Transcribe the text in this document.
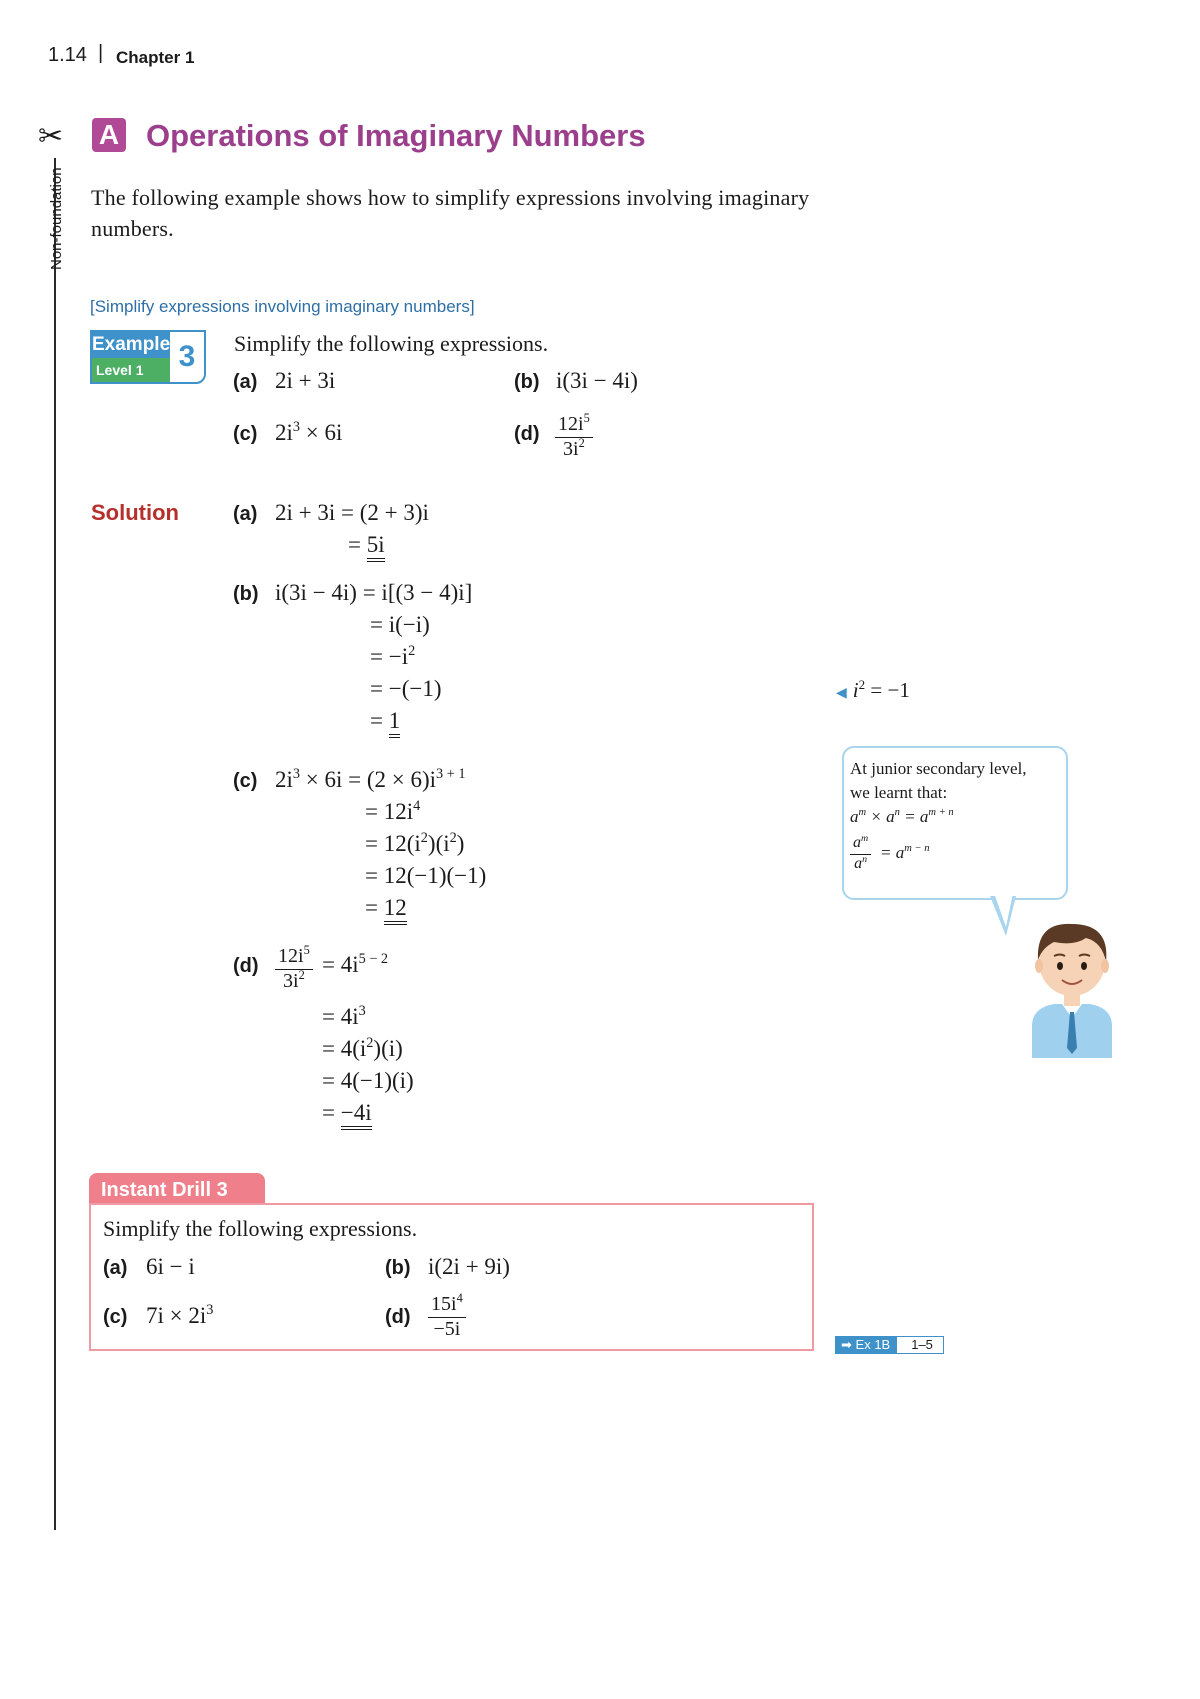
1.14 | Chapter 1
Non-foundation
✂ A Operations of Imaginary Numbers
The following example shows how to simplify expressions involving imaginary numbers.
[Simplify expressions involving imaginary numbers]
Example
Level 1	3	Simplify the following expressions.
(a) 2i + 3i	(b) i(3i − 4i)
(c) $2i^3 \times 6i$	$(d) \frac{12i^5}{3i^2}$
Solution	(a) 2i + 3i = (2 + 3)i
= 5i
(b) i(3i − 4i) = i[(3 − 4)i]
= i(−i)
= $-i^2$
= −(−1)
= 1
(c) $2i^3 \times 6i = (2 \times 6)i^{3 + 1}$
= $12i^4$
= $12(i^2)(i^2)$
= 12(−1)(−1)
= 12
$(d) \frac{12i^5}{3i^2} = 4i^{5 - 2}$
= $4i^3$
= $4(i^2)(i)$
= 4(−1)(i)
= −4i
◀ $i^2 = -1$
At junior secondary level,
we learnt that:
$a^m \times a^n = a^{m + n}$
$\frac{a^m}{a^n} = a^{m - n}$
Instant Drill 3
Simplify the following expressions.
(a) 6i − i	(b) i(2i + 9i)
(c) $7i \times 2i^3$	$(d) \frac{15i^4}{-5i}$
➡ Ex 1B 1–5
